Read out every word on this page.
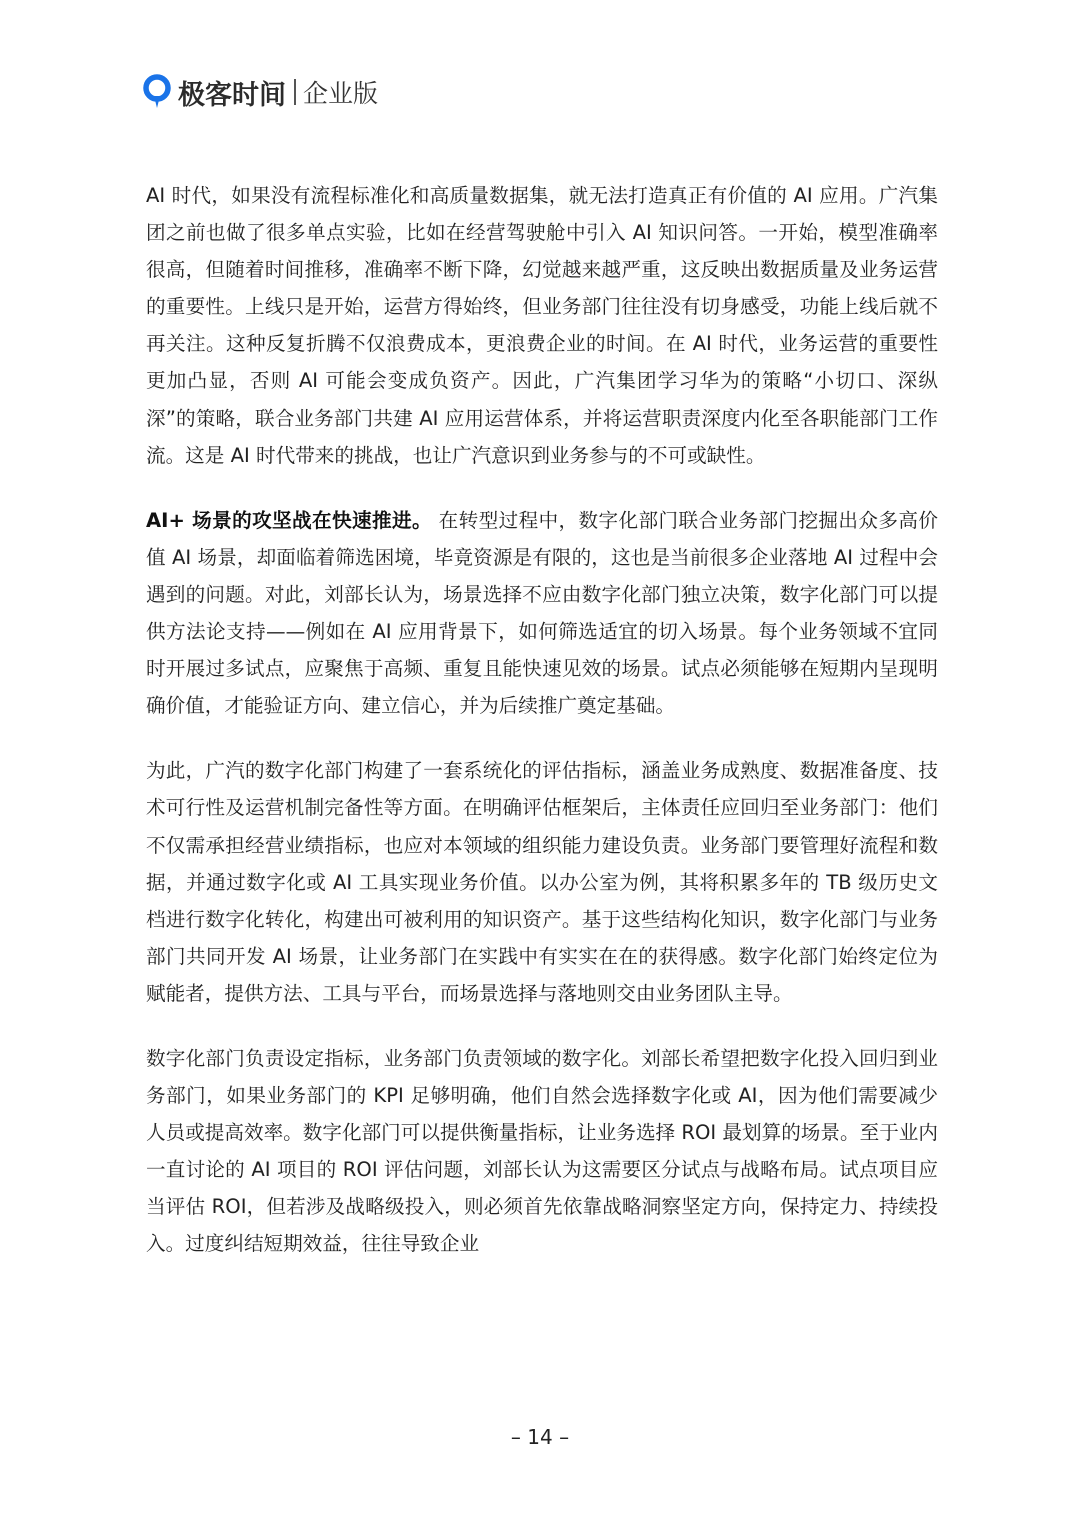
极客时间 企业版

AI 时代，如果没有流程标准化和高质量数据集，就无法打造真正有价值的 AI 应用。广汽集团之前也做了很多单点实验，比如在经营驾驶舱中引入 AI 知识问答。一开始，模型准确率很高，但随着时间推移，准确率不断下降，幻觉越来越严重，这反映出数据质量及业务运营的重要性。上线只是开始，运营方得始终，但业务部门往往没有切身感受，功能上线后就不再关注。这种反复折腾不仅浪费成本，更浪费企业的时间。在 AI 时代，业务运营的重要性更加凸显，否则 AI 可能会变成负资产。因此，广汽集团学习华为的策略“小切口、深纵深”的策略，联合业务部门共建 AI 应用运营体系，并将运营职责深度内化至各职能部门工作流。这是 AI 时代带来的挑战，也让广汽意识到业务参与的不可或缺性。

AI+ 场景的攻坚战在快速推进。 在转型过程中，数字化部门联合业务部门挖掘出众多高价值 AI 场景，却面临着筛选困境，毕竟资源是有限的，这也是当前很多企业落地 AI 过程中会遇到的问题。对此，刘部长认为，场景选择不应由数字化部门独立决策，数字化部门可以提供方法论支持——例如在 AI 应用背景下，如何筛选适宜的切入场景。每个业务领域不宜同时开展过多试点，应聚焦于高频、重复且能快速见效的场景。试点必须能够在短期内呈现明确价值，才能验证方向、建立信心，并为后续推广奠定基础。

为此，广汽的数字化部门构建了一套系统化的评估指标，涵盖业务成熟度、数据准备度、技术可行性及运营机制完备性等方面。在明确评估框架后，主体责任应回归至业务部门：他们不仅需承担经营业绩指标，也应对本领域的组织能力建设负责。业务部门要管理好流程和数据，并通过数字化或 AI 工具实现业务价值。以办公室为例，其将积累多年的 TB 级历史文档进行数字化转化，构建出可被利用的知识资产。基于这些结构化知识，数字化部门与业务部门共同开发 AI 场景，让业务部门在实践中有实实在在的获得感。数字化部门始终定位为赋能者，提供方法、工具与平台，而场景选择与落地则交由业务团队主导。

数字化部门负责设定指标，业务部门负责领域的数字化。刘部长希望把数字化投入回归到业务部门，如果业务部门的 KPI 足够明确，他们自然会选择数字化或 AI，因为他们需要减少人员或提高效率。数字化部门可以提供衡量指标，让业务选择 ROI 最划算的场景。至于业内一直讨论的 AI 项目的 ROI 评估问题，刘部长认为这需要区分试点与战略布局。试点项目应当评估 ROI，但若涉及战略级投入，则必须首先依靠战略洞察坚定方向，保持定力、持续投入。过度纠结短期效益，往往导致企业

– 14 –
